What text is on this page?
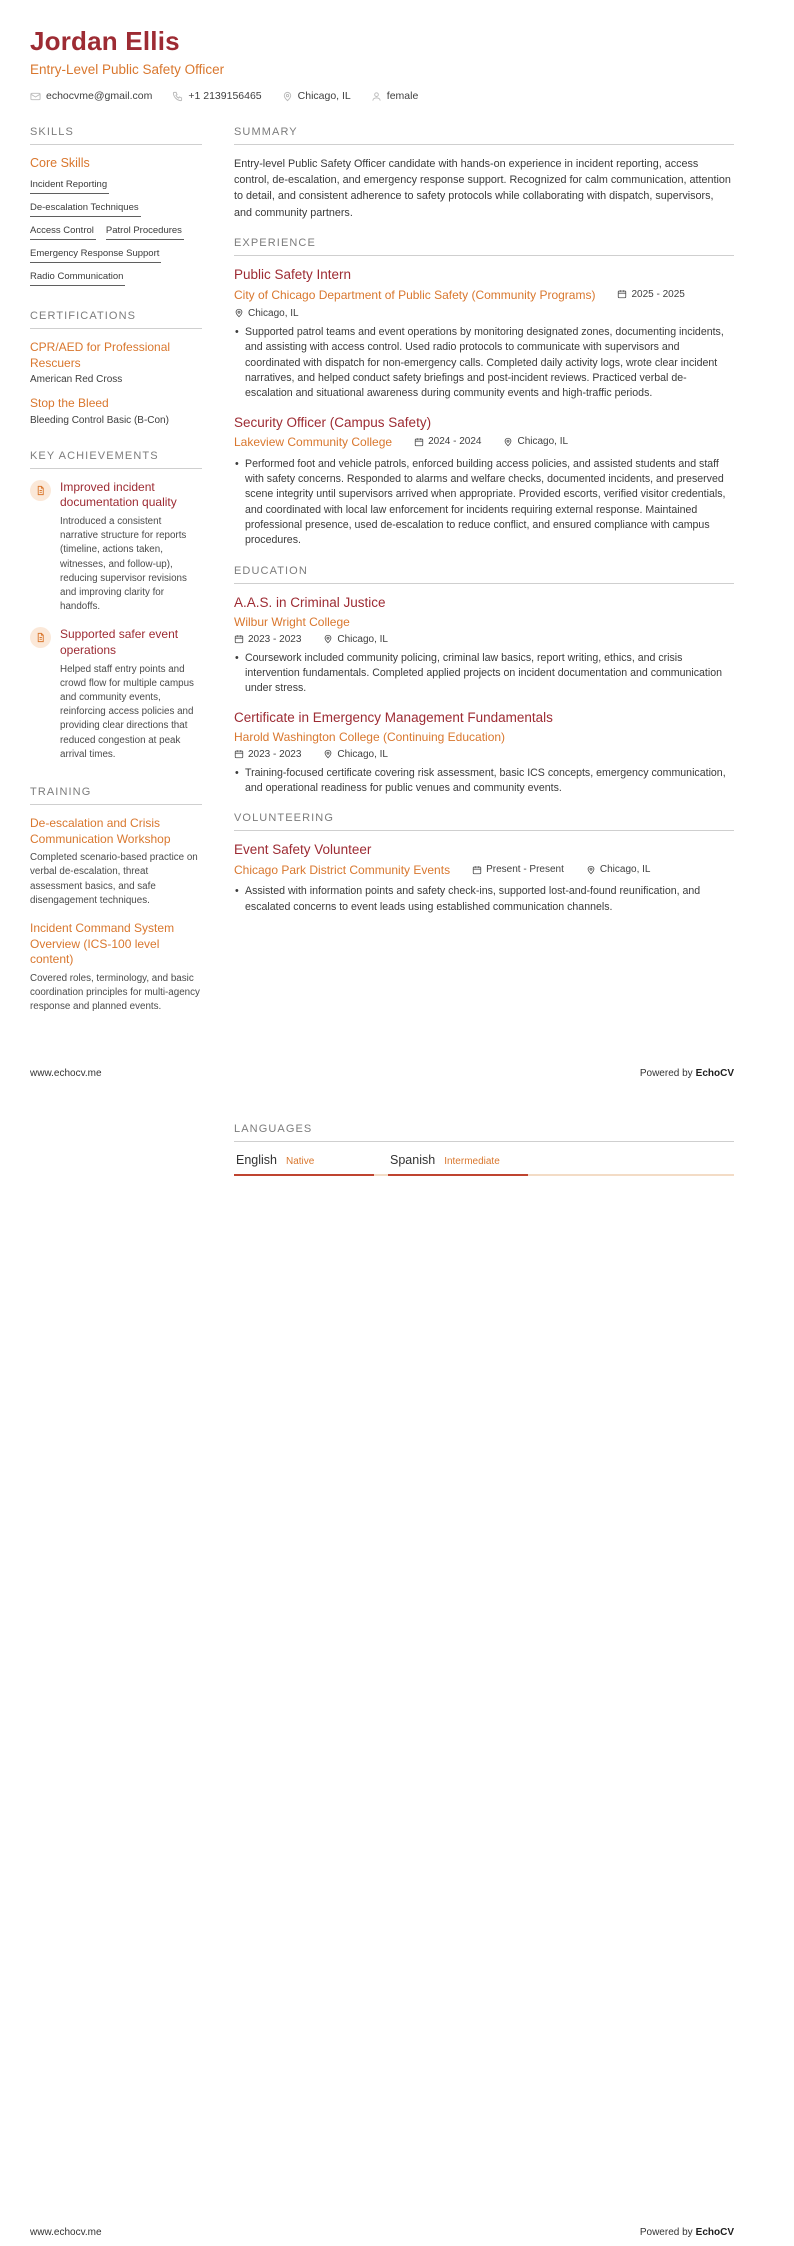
Jordan Ellis
Entry-Level Public Safety Officer
echocvme@gmail.com	+1 2139156465	Chicago, IL	female
SKILLS
Core Skills
Incident Reporting
De-escalation Techniques
Access Control Patrol Procedures
Emergency Response Support
Radio Communication
CERTIFICATIONS
CPR/AED for Professional Rescuers
American Red Cross
Stop the Bleed
Bleeding Control Basic (B-Con)
KEY ACHIEVEMENTS
Improved incident documentation quality
Introduced a consistent narrative structure for reports (timeline, actions taken, witnesses, and follow-up), reducing supervisor revisions and improving clarity for handoffs.
Supported safer event operations
Helped staff entry points and crowd flow for multiple campus and community events, reinforcing access policies and providing clear directions that reduced congestion at peak arrival times.
TRAINING
De-escalation and Crisis Communication Workshop
Completed scenario-based practice on verbal de-escalation, threat assessment basics, and safe disengagement techniques.
Incident Command System Overview (ICS-100 level content)
Covered roles, terminology, and basic coordination principles for multi-agency response and planned events.
SUMMARY

Entry-level Public Safety Officer candidate with hands-on experience in incident reporting, access control, de-escalation, and emergency response support. Recognized for calm communication, attention to detail, and consistent adherence to safety protocols while collaborating with dispatch, supervisors, and community partners.

EXPERIENCE
Public Safety Intern
City of Chicago Department of Public Safety (Community Programs)	2025 - 2025
Chicago, IL
• Supported patrol teams and event operations by monitoring designated zones, documenting incidents, and assisting with access control. Used radio protocols to communicate with supervisors and coordinated with dispatch for non-emergency calls. Completed daily activity logs, wrote clear incident narratives, and helped conduct safety briefings and post-incident reviews. Practiced verbal de-escalation and situational awareness during community events and high-traffic periods.
Security Officer (Campus Safety)
Lakeview Community College	2024 - 2024	Chicago, IL
• Performed foot and vehicle patrols, enforced building access policies, and assisted students and staff with safety concerns. Responded to alarms and welfare checks, documented incidents, and preserved scene integrity until supervisors arrived when appropriate. Provided escorts, verified visitor credentials, and coordinated with local law enforcement for incidents requiring external response. Maintained professional presence, used de-escalation to reduce conflict, and ensured compliance with campus procedures.
EDUCATION
A.A.S. in Criminal Justice
Wilbur Wright College
2023 - 2023	Chicago, IL
• Coursework included community policing, criminal law basics, report writing, ethics, and crisis intervention fundamentals. Completed applied projects on incident documentation and communication under stress.
Certificate in Emergency Management Fundamentals
Harold Washington College (Continuing Education)
2023 - 2023	Chicago, IL
• Training-focused certificate covering risk assessment, basic ICS concepts, emergency communication, and operational readiness for public venues and community events.
VOLUNTEERING
Event Safety Volunteer
Chicago Park District Community Events	Present - Present	Chicago, IL
• Assisted with information points and safety check-ins, supported lost-and-found reunification, and escalated concerns to event leads using established communication channels.
www.echocv.me	Powered by EchoCV
LANGUAGES
English Native	Spanish Intermediate
www.echocv.me	Powered by EchoCV
